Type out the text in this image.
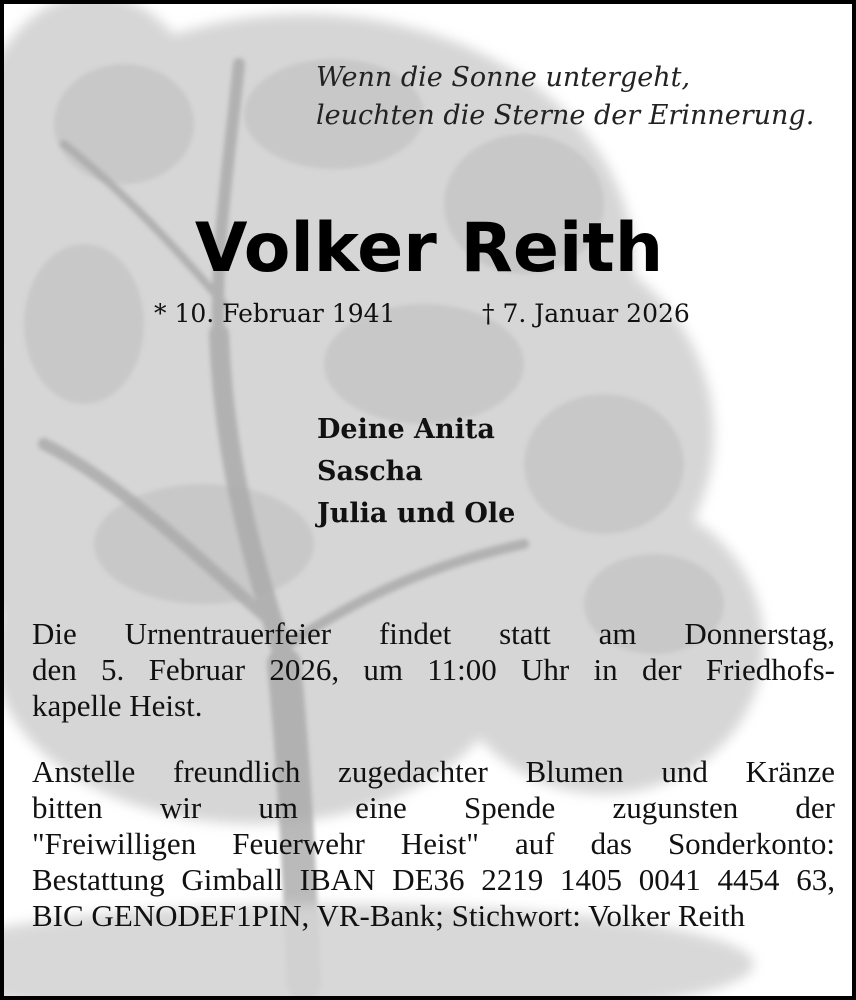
Wenn die Sonne untergeht,
leuchten die Sterne der Erinnerung.
Volker Reith
* 10. Februar 1941	† 7. Januar 2026
Deine Anita
Sascha
Julia und Ole
Die Urnentrauerfeier findet statt am Donnerstag,
den 5. Februar 2026, um 11:00 Uhr in der Friedhofs-
kapelle Heist.
Anstelle freundlich zugedachter Blumen und Kränze
bitten wir um eine Spende zugunsten der
"Freiwilligen Feuerwehr Heist" auf das Sonderkonto:
Bestattung Gimball IBAN DE36 2219 1405 0041 4454 63,
BIC GENODEF1PIN, VR-Bank; Stichwort: Volker Reith
